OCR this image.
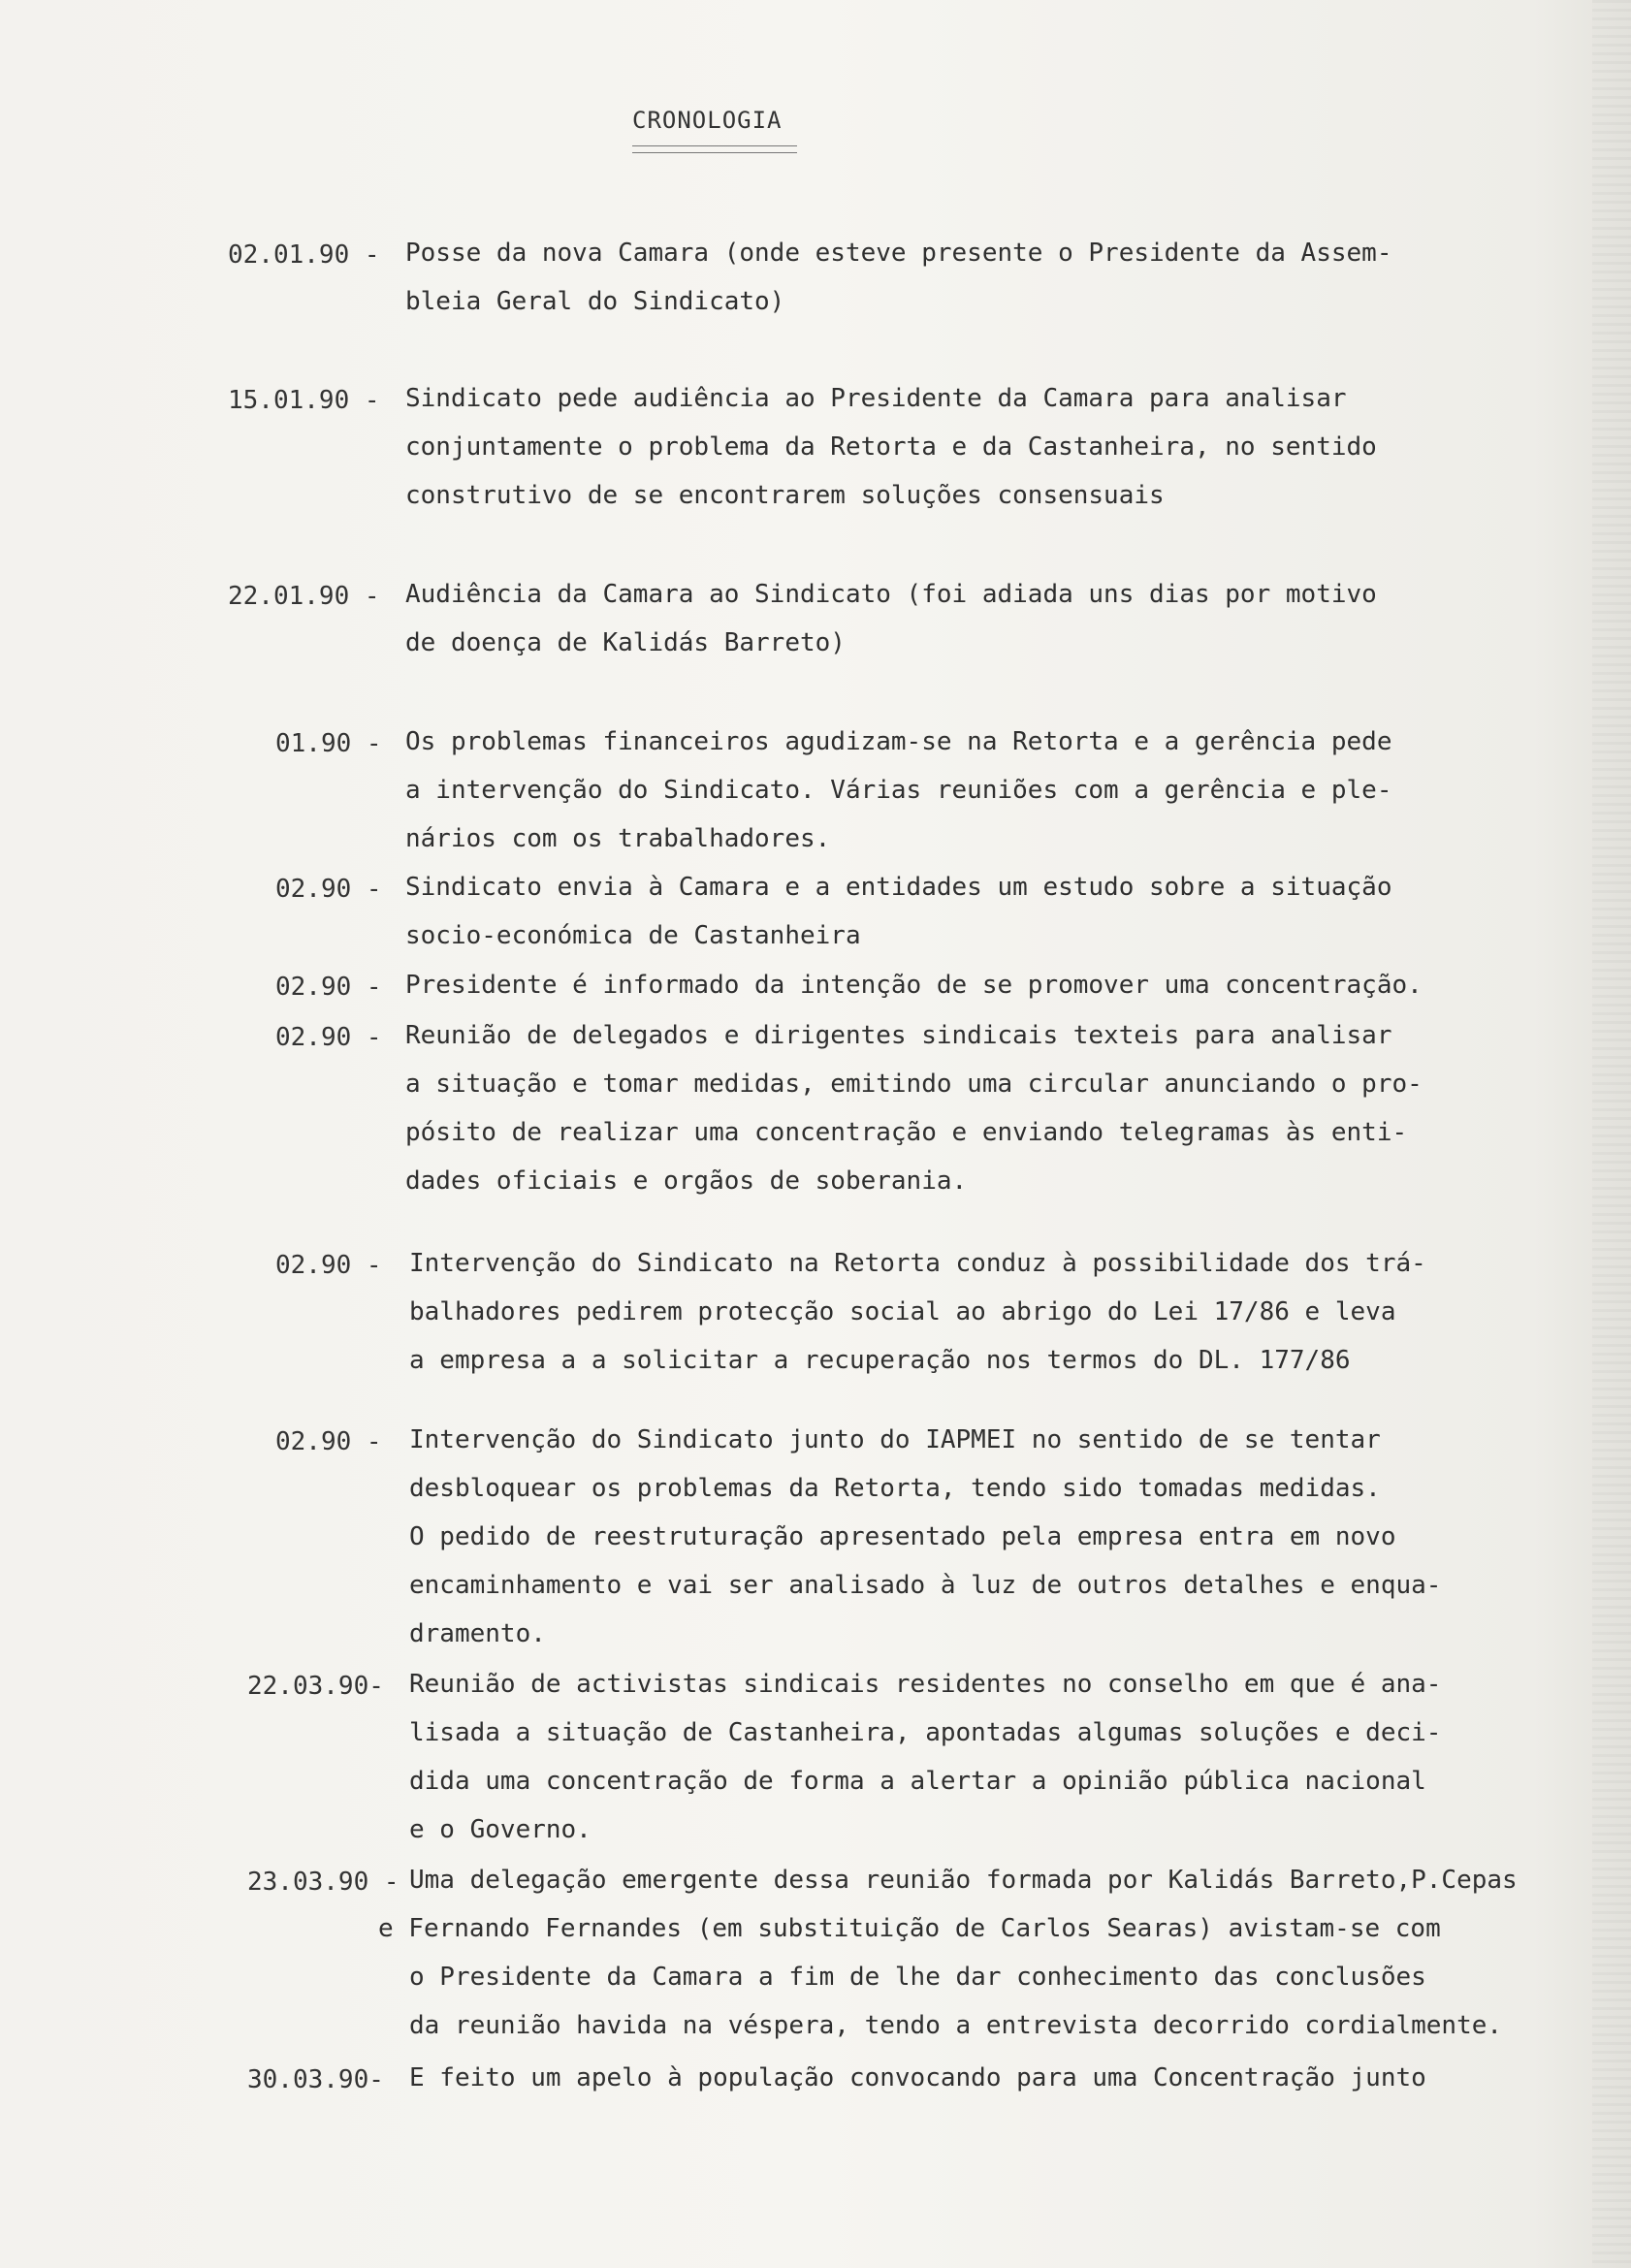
CRONOLOGIA
02.01.90 - Posse da nova Camara (onde esteve presente o Presidente da Assem-
bleia Geral do Sindicato)
15.01.90 - Sindicato pede audiência ao Presidente da Camara para analisar
conjuntamente o problema da Retorta e da Castanheira, no sentido
construtivo de se encontrarem soluções consensuais
22.01.90 - Audiência da Camara ao Sindicato (foi adiada uns dias por motivo
de doença de Kalidás Barreto)
01.90 - Os problemas financeiros agudizam-se na Retorta e a gerência pede
a intervenção do Sindicato. Várias reuniões com a gerência e ple-
nários com os trabalhadores.
02.90 - Sindicato envia à Camara e a entidades um estudo sobre a situação
socio-económica de Castanheira
02.90 - Presidente é informado da intenção de se promover uma concentração.
02.90 - Reunião de delegados e dirigentes sindicais texteis para analisar
a situação e tomar medidas, emitindo uma circular anunciando o pro-
pósito de realizar uma concentração e enviando telegramas às enti-
dades oficiais e orgãos de soberania.
02.90 - Intervenção do Sindicato na Retorta conduz à possibilidade dos trá-
balhadores pedirem protecção social ao abrigo do Lei 17/86 e leva
a empresa a a solicitar a recuperação nos termos do DL. 177/86
02.90 - Intervenção do Sindicato junto do IAPMEI no sentido de se tentar
desbloquear os problemas da Retorta, tendo sido tomadas medidas.
O pedido de reestruturação apresentado pela empresa entra em novo
encaminhamento e vai ser analisado à luz de outros detalhes e enqua-
dramento.
22.03.90- Reunião de activistas sindicais residentes no conselho em que é ana-
lisada a situação de Castanheira, apontadas algumas soluções e deci-
dida uma concentração de forma a alertar a opinião pública nacional
e o Governo.
23.03.90 - Uma delegação emergente dessa reunião formada por Kalidás Barreto,P.Cepas
e Fernando Fernandes (em substituição de Carlos Searas) avistam-se com
o Presidente da Camara a fim de lhe dar conhecimento das conclusões
da reunião havida na véspera, tendo a entrevista decorrido cordialmente.
30.03.90- E feito um apelo à população convocando para uma Concentração junto
